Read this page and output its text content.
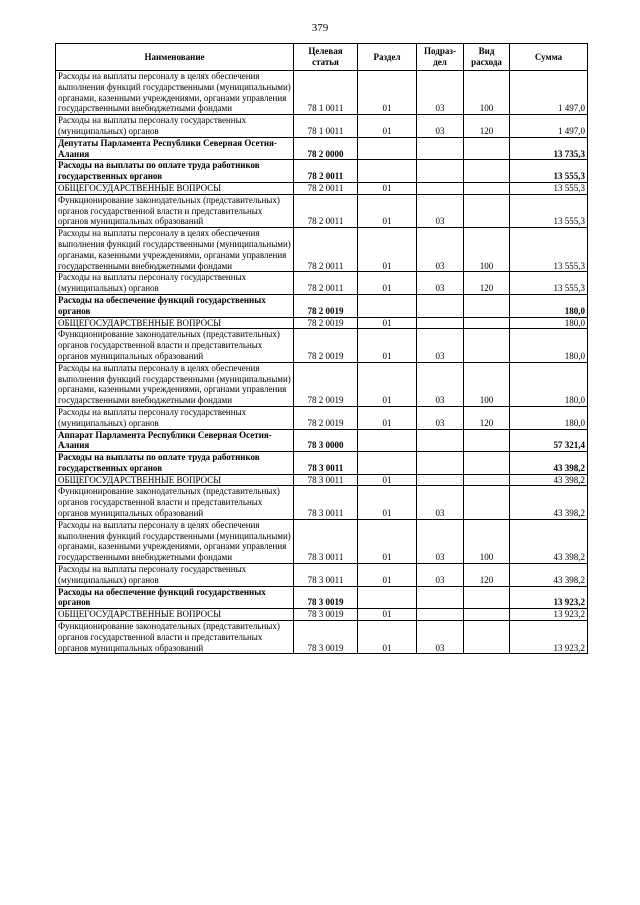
379
Наименование	Целевая статья	Раздел	Подраз- дел	Вид расхода	Сумма
Расходы на выплаты персоналу в целях обеспечения выполнения функций государственными (муниципальными) органами, казенными учреждениями, органами управления государственными внебюджетными фондами	78 1 0011	01	03	100	1 497,0
Расходы на выплаты персоналу государственных (муниципальных) органов	78 1 0011	01	03	120	1 497,0
Депутаты Парламента Республики Северная Осетия-Алания	78 2 0000				13 735,3
Расходы на выплаты по оплате труда работников государственных органов	78 2 0011				13 555,3
ОБЩЕГОСУДАРСТВЕННЫЕ ВОПРОСЫ	78 2 0011	01			13 555,3
Функционирование законодательных (представительных) органов государственной власти и представительных органов муниципальных образований	78 2 0011	01	03		13 555,3
Расходы на выплаты персоналу в целях обеспечения выполнения функций государственными (муниципальными) органами, казенными учреждениями, органами управления государственными внебюджетными фондами	78 2 0011	01	03	100	13 555,3
Расходы на выплаты персоналу государственных (муниципальных) органов	78 2 0011	01	03	120	13 555,3
Расходы на обеспечение функций государственных органов	78 2 0019				180,0
ОБЩЕГОСУДАРСТВЕННЫЕ ВОПРОСЫ	78 2 0019	01			180,0
Функционирование законодательных (представительных) органов государственной власти и представительных органов муниципальных образований	78 2 0019	01	03		180,0
Расходы на выплаты персоналу в целях обеспечения выполнения функций государственными (муниципальными) органами, казенными учреждениями, органами управления государственными внебюджетными фондами	78 2 0019	01	03	100	180,0
Расходы на выплаты персоналу государственных (муниципальных) органов	78 2 0019	01	03	120	180,0
Аппарат Парламента Республики Северная Осетия-Алания	78 3 0000				57 321,4
Расходы на выплаты по оплате труда работников государственных органов	78 3 0011				43 398,2
ОБЩЕГОСУДАРСТВЕННЫЕ ВОПРОСЫ	78 3 0011	01			43 398,2
Функционирование законодательных (представительных) органов государственной власти и представительных органов муниципальных образований	78 3 0011	01	03		43 398,2
Расходы на выплаты персоналу в целях обеспечения выполнения функций государственными (муниципальными) органами, казенными учреждениями, органами управления государственными внебюджетными фондами	78 3 0011	01	03	100	43 398,2
Расходы на выплаты персоналу государственных (муниципальных) органов	78 3 0011	01	03	120	43 398,2
Расходы на обеспечение функций государственных органов	78 3 0019				13 923,2
ОБЩЕГОСУДАРСТВЕННЫЕ ВОПРОСЫ	78 3 0019	01			13 923,2
Функционирование законодательных (представительных) органов государственной власти и представительных органов муниципальных образований	78 3 0019	01	03		13 923,2
